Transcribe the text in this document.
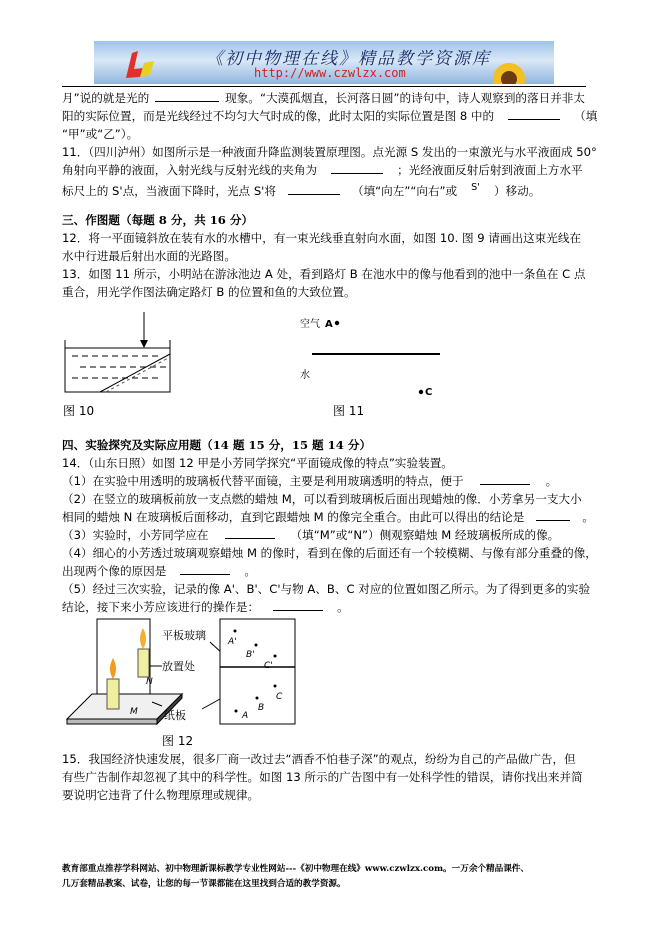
《初中物理在线》精品教学资源库
http://www.czwlzx.com
月”说的就是光的	现象。“大漠孤烟直，长河落日圆”的诗句中，诗人观察到的落日并非太
阳的实际位置，而是光线经过不均匀大气时成的像，此时太阳的实际位置是图 8 中的	（填
“甲”或“乙”）。
11．（四川泸州）如图所示是一种液面升降监测装置原理图。点光源 S 发出的一束激光与水平液面成 50°
角射向平静的液面，入射光线与反射光线的夹角为	；光经液面反射后射到液面上方水平
标尺上的 S'点，当液面下降时，光点 S'将	（填“向左”“向右”或 $^{S'}$ ）移动。
三、作图题（每题 8 分，共 16 分）
12．将一平面镜斜放在装有水的水槽中，有一束光线垂直射向水面，如图 10. 图 9 请画出这束光线在
水中行进最后射出水面的光路图。
13．如图 11 所示，小明站在游泳池边 A 处，看到路灯 B 在池水中的像与他看到的池中一条鱼在 C 点
重合，用光学作图法确定路灯 B 的位置和鱼的大致位置。
图 10
空气 A
水
C
图 11
四、实验探究及实际应用题（14 题 15 分，15 题 14 分）
14．（山东日照）如图 12 甲是小芳同学探究“平面镜成像的特点”实验装置。
（1）在实验中用透明的玻璃板代替平面镜，主要是利用玻璃透明的特点，便于	。
（2）在竖立的玻璃板前放一支点燃的蜡烛 M，可以看到玻璃板后面出现蜡烛的像．小芳拿另一支大小
相同的蜡烛 N 在玻璃板后面移动，直到它跟蜡烛 M 的像完全重合。由此可以得出的结论是	。
（3）实验时，小芳同学应在	（填“M”或“N”）侧观察蜡烛 M 经玻璃板所成的像。
（4）细心的小芳透过玻璃观察蜡烛 M 的像时，看到在像的后面还有一个较模糊、与像有部分重叠的像，
出现两个像的原因是	。
（5）经过三次实验，记录的像 A'、B'、C'与物 A、B、C 对应的位置如图乙所示。为了得到更多的实验
结论，接下来小芳应该进行的操作是：	。
M
N
平板玻璃
放置处
纸板
A'
B'
C'
A
B
C
图 12
15．我国经济快速发展，很多厂商一改过去“酒香不怕巷子深”的观点，纷纷为自己的产品做广告，但
有些广告制作却忽视了其中的科学性。如图 13 所示的广告图中有一处科学性的错误，请你找出来并简
要说明它违背了什么物理原理或规律。
教育部重点推荐学科网站、初中物理新课标教学专业性网站---《初中物理在线》www.czwlzx.com。一万余个精品课件、
几万套精品教案、试卷，让您的每一节课都能在这里找到合适的教学资源。
